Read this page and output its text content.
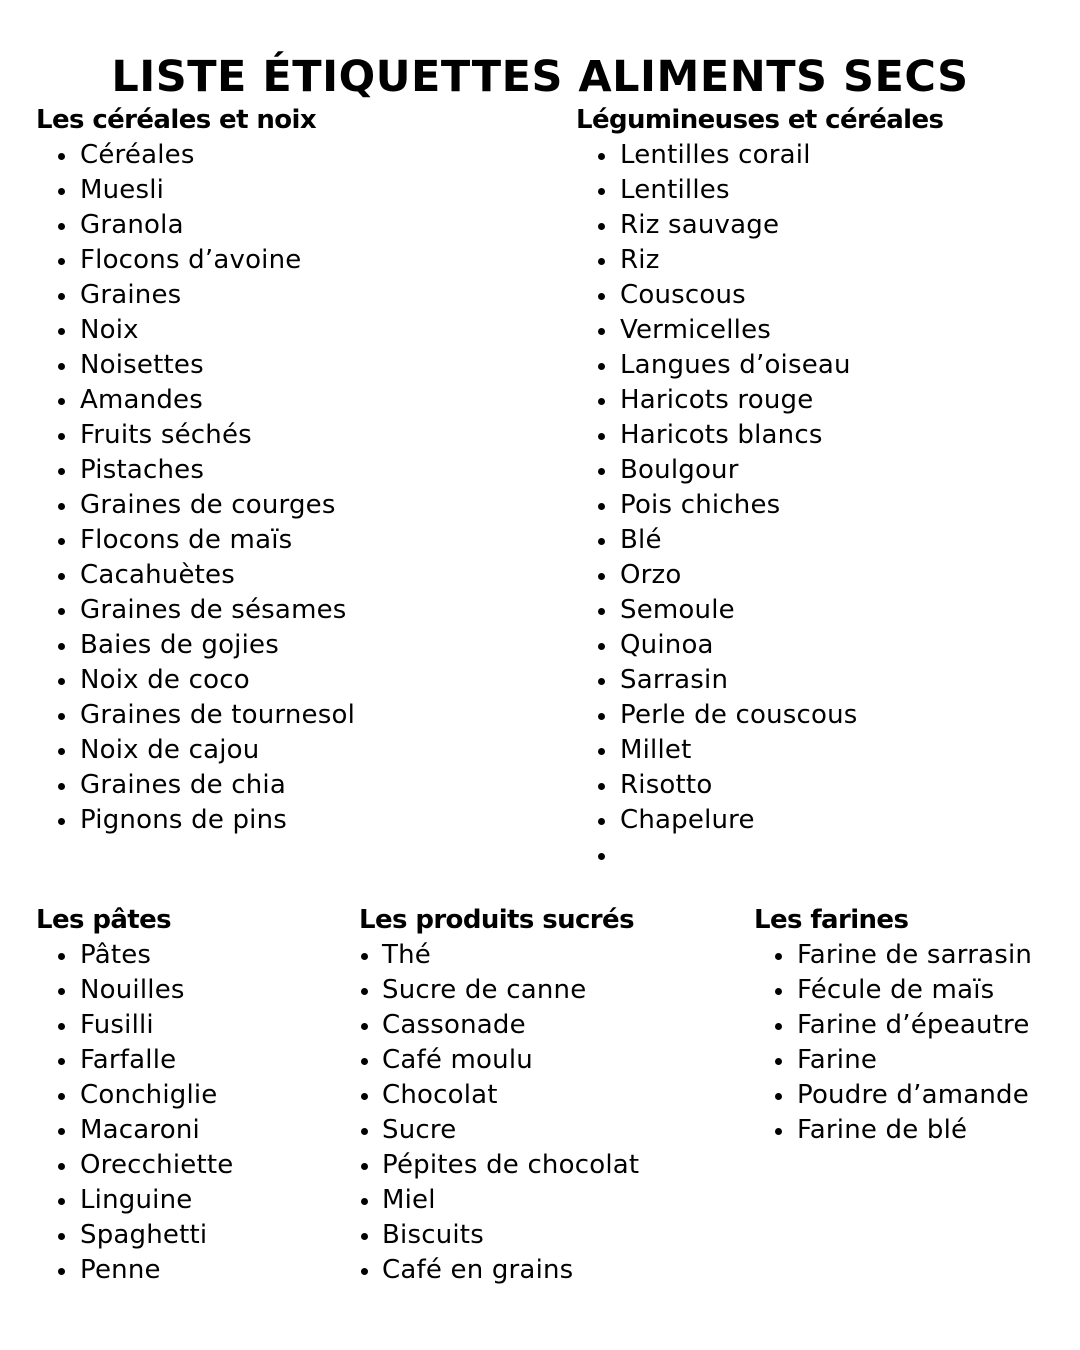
LISTE ÉTIQUETTES ALIMENTS SECS
Les céréales et noix
Céréales
Muesli
Granola
Flocons d’avoine
Graines
Noix
Noisettes
Amandes
Fruits séchés
Pistaches
Graines de courges
Flocons de maïs
Cacahuètes
Graines de sésames
Baies de gojies
Noix de coco
Graines de tournesol
Noix de cajou
Graines de chia
Pignons de pins
Légumineuses et céréales
Lentilles corail
Lentilles
Riz sauvage
Riz
Couscous
Vermicelles
Langues d’oiseau
Haricots rouge
Haricots blancs
Boulgour
Pois chiches
Blé
Orzo
Semoule
Quinoa
Sarrasin
Perle de couscous
Millet
Risotto
Chapelure
Les pâtes
Pâtes
Nouilles
Fusilli
Farfalle
Conchiglie
Macaroni
Orecchiette
Linguine
Spaghetti
Penne
Les produits sucrés
Thé
Sucre de canne
Cassonade
Café moulu
Chocolat
Sucre
Pépites de chocolat
Miel
Biscuits
Café en grains
Les farines
Farine de sarrasin
Fécule de maïs
Farine d’épeautre
Farine
Poudre d’amande
Farine de blé
